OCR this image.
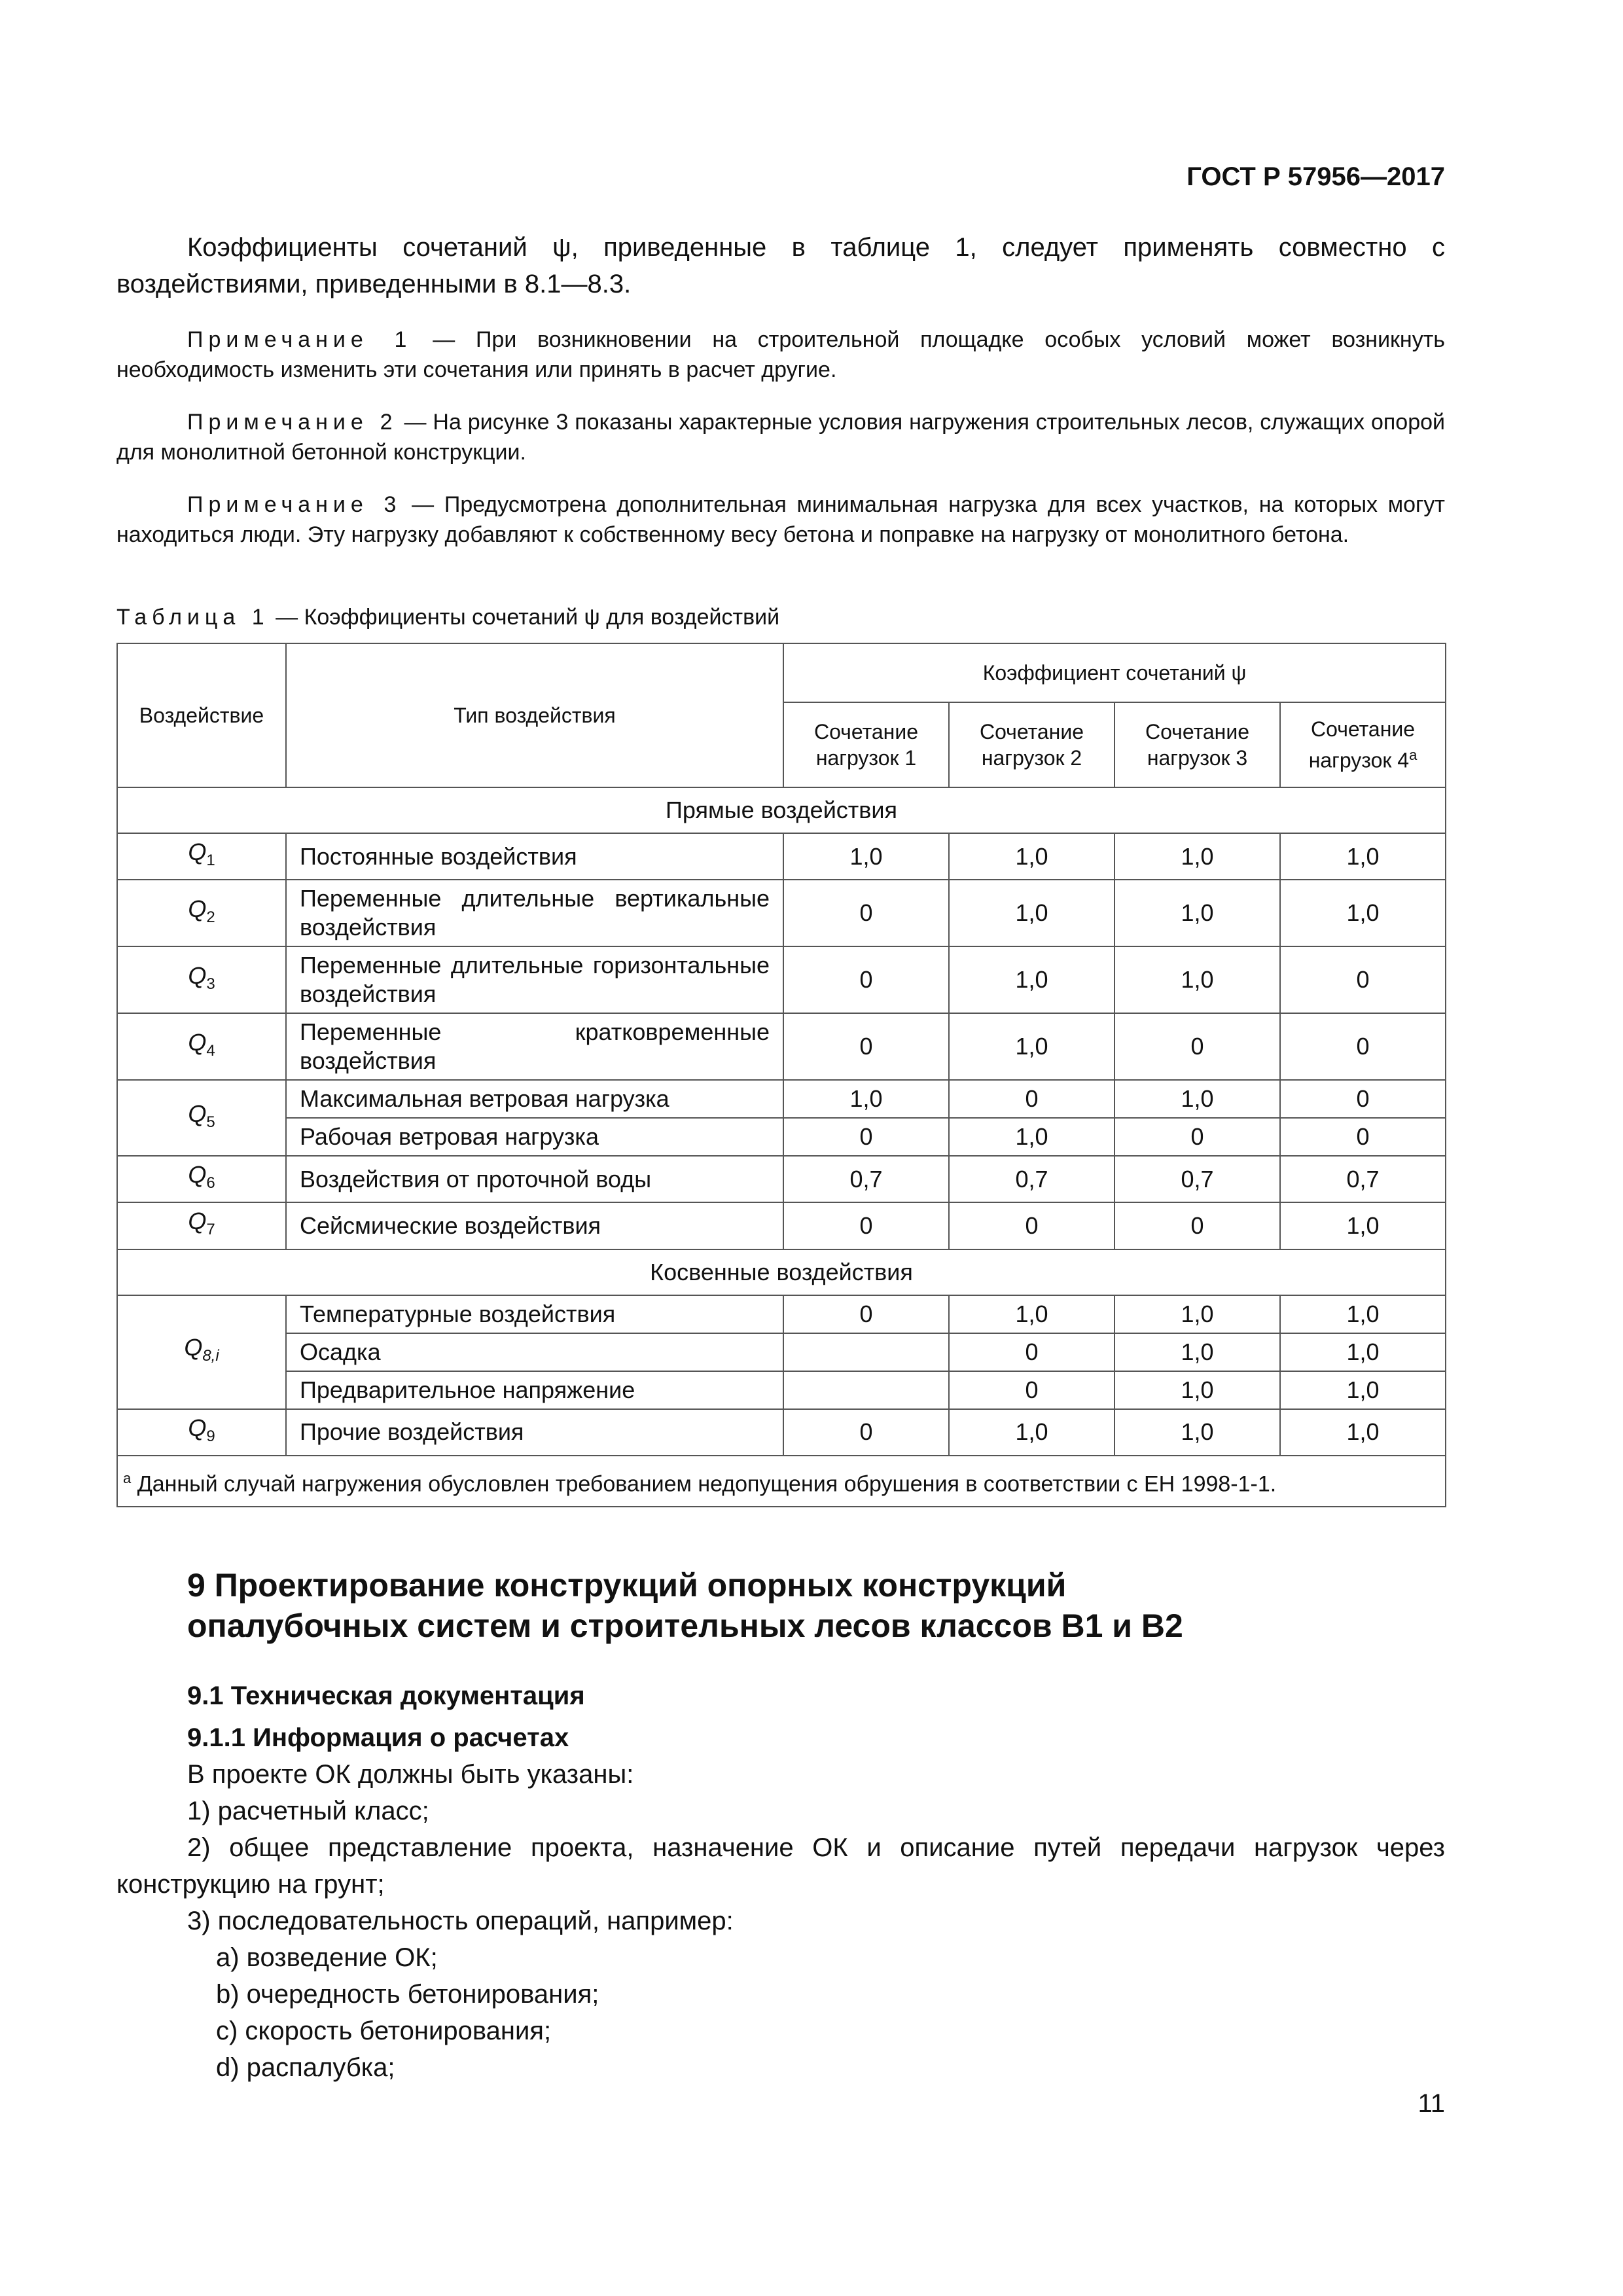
ГОСТ Р 57956—2017

Коэффициенты сочетаний ψ, приведенные в таблице 1, следует применять совместно с воздействиями, приведенными в 8.1—8.3.

Примечание 1 — При возникновении на строительной площадке особых условий может возникнуть необходимость изменить эти сочетания или принять в расчет другие.

Примечание 2 — На рисунке 3 показаны характерные условия нагружения строительных лесов, служащих опорой для монолитной бетонной конструкции.

Примечание 3 — Предусмотрена дополнительная минимальная нагрузка для всех участков, на которых могут находиться люди. Эту нагрузку добавляют к собственному весу бетона и поправке на нагрузку от монолитного бетона.

Таблица 1 — Коэффициенты сочетаний ψ для воздействий

Воздействие	Тип воздействия	Коэффициент сочетаний ψ			
		Сочетание нагрузок 1	Сочетание нагрузок 2	Сочетание нагрузок 3	Сочетание нагрузок 4$^a$
Прямые воздействия					
$Q_1$	Постоянные воздействия	1,0	1,0	1,0	1,0
$Q_2$	Переменные длительные вертикальные воздействия	0	1,0	1,0	1,0
$Q_3$	Переменные длительные горизонтальные воздействия	0	1,0	1,0	0
$Q_4$	Переменные кратковременные воздействия	0	1,0	0	0
$Q_5$	Максимальная ветровая нагрузка	1,0	0	1,0	0
	Рабочая ветровая нагрузка	0	1,0	0	0
$Q_6$	Воздействия от проточной воды	0,7	0,7	0,7	0,7
$Q_7$	Сейсмические воздействия	0	0	0	1,0
Косвенные воздействия					
$Q_{8,i}$	Температурные воздействия	0	1,0	1,0	1,0
	Осадка		0	1,0	1,0
	Предварительное напряжение		0	1,0	1,0
$Q_9$	Прочие воздействия	0	1,0	1,0	1,0
$^a$ Данный случай нагружения обусловлен требованием недопущения обрушения в соответствии с ЕН 1998-1-1.					
9 Проектирование конструкций опорных конструкций
опалубочных систем и строительных лесов классов В1 и В2
9.1 Техническая документация
9.1.1 Информация о расчетах

В проекте ОК должны быть указаны:

1) расчетный класс;

2) общее представление проекта, назначение ОК и описание путей передачи нагрузок через конструкцию на грунт;

3) последовательность операций, например:

a) возведение ОК;

b) очередность бетонирования;

c) скорость бетонирования;

d) распалубка;

11
